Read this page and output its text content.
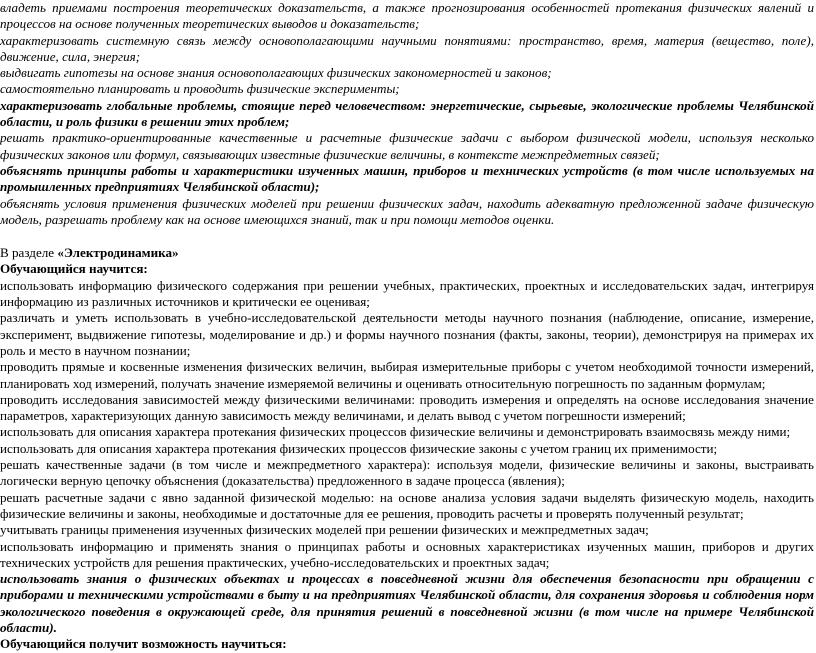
владеть приемами построения теоретических доказательств, а также прогнозирования особенностей протекания физических явлений и процессов на основе полученных теоретических выводов и доказательств;

характеризовать системную связь между основополагающими научными понятиями: пространство, время, материя (вещество, поле), движение, сила, энергия;

выдвигать гипотезы на основе знания основополагающих физических закономерностей и законов;

самостоятельно планировать и проводить физические эксперименты;

характеризовать глобальные проблемы, стоящие перед человечеством: энергетические, сырьевые, экологические проблемы Челябинской области, и роль физики в решении этих проблем;

решать практико-ориентированные качественные и расчетные физические задачи с выбором физической модели, используя несколько физических законов или формул, связывающих известные физические величины, в контексте межпредметных связей;

объяснять принципы работы и характеристики изученных машин, приборов и технических устройств (в том числе используемых на промышленных предприятиях Челябинской области);

объяснять условия применения физических моделей при решении физических задач, находить адекватную предложенной задаче физическую модель, разрешать проблему как на основе имеющихся знаний, так и при помощи методов оценки.

В разделе «Электродинамика»

Обучающийся научится:

использовать информацию физического содержания при решении учебных, практических, проектных и исследовательских задач, интегрируя информацию из различных источников и критически ее оценивая;

различать и уметь использовать в учебно-исследовательской деятельности методы научного познания (наблюдение, описание, измерение, эксперимент, выдвижение гипотезы, моделирование и др.) и формы научного познания (факты, законы, теории), демонстрируя на примерах их роль и место в научном познании;

проводить прямые и косвенные изменения физических величин, выбирая измерительные приборы с учетом необходимой точности измерений, планировать ход измерений, получать значение измеряемой величины и оценивать относительную погрешность по заданным формулам;

проводить исследования зависимостей между физическими величинами: проводить измерения и определять на основе исследования значение параметров, характеризующих данную зависимость между величинами, и делать вывод с учетом погрешности измерений;

использовать для описания характера протекания физических процессов физические величины и демонстрировать взаимосвязь между ними;

использовать для описания характера протекания физических процессов физические законы с учетом границ их применимости;

решать качественные задачи (в том числе и межпредметного характера): используя модели, физические величины и законы, выстраивать логически верную цепочку объяснения (доказательства) предложенного в задаче процесса (явления);

решать расчетные задачи с явно заданной физической моделью: на основе анализа условия задачи выделять физическую модель, находить физические величины и законы, необходимые и достаточные для ее решения, проводить расчеты и проверять полученный результат;

учитывать границы применения изученных физических моделей при решении физических и межпредметных задач;

использовать информацию и применять знания о принципах работы и основных характеристиках изученных машин, приборов и других технических устройств для решения практических, учебно-исследовательских и проектных задач;

использовать знания о физических объектах и процессах в повседневной жизни для обеспечения безопасности при обращении с приборами и техническими устройствами в быту и на предприятиях Челябинской области, для сохранения здоровья и соблюдения норм экологического поведения в окружающей среде, для принятия решений в повседневной жизни (в том числе на примере Челябинской области).

Обучающийся получит возможность научиться:
